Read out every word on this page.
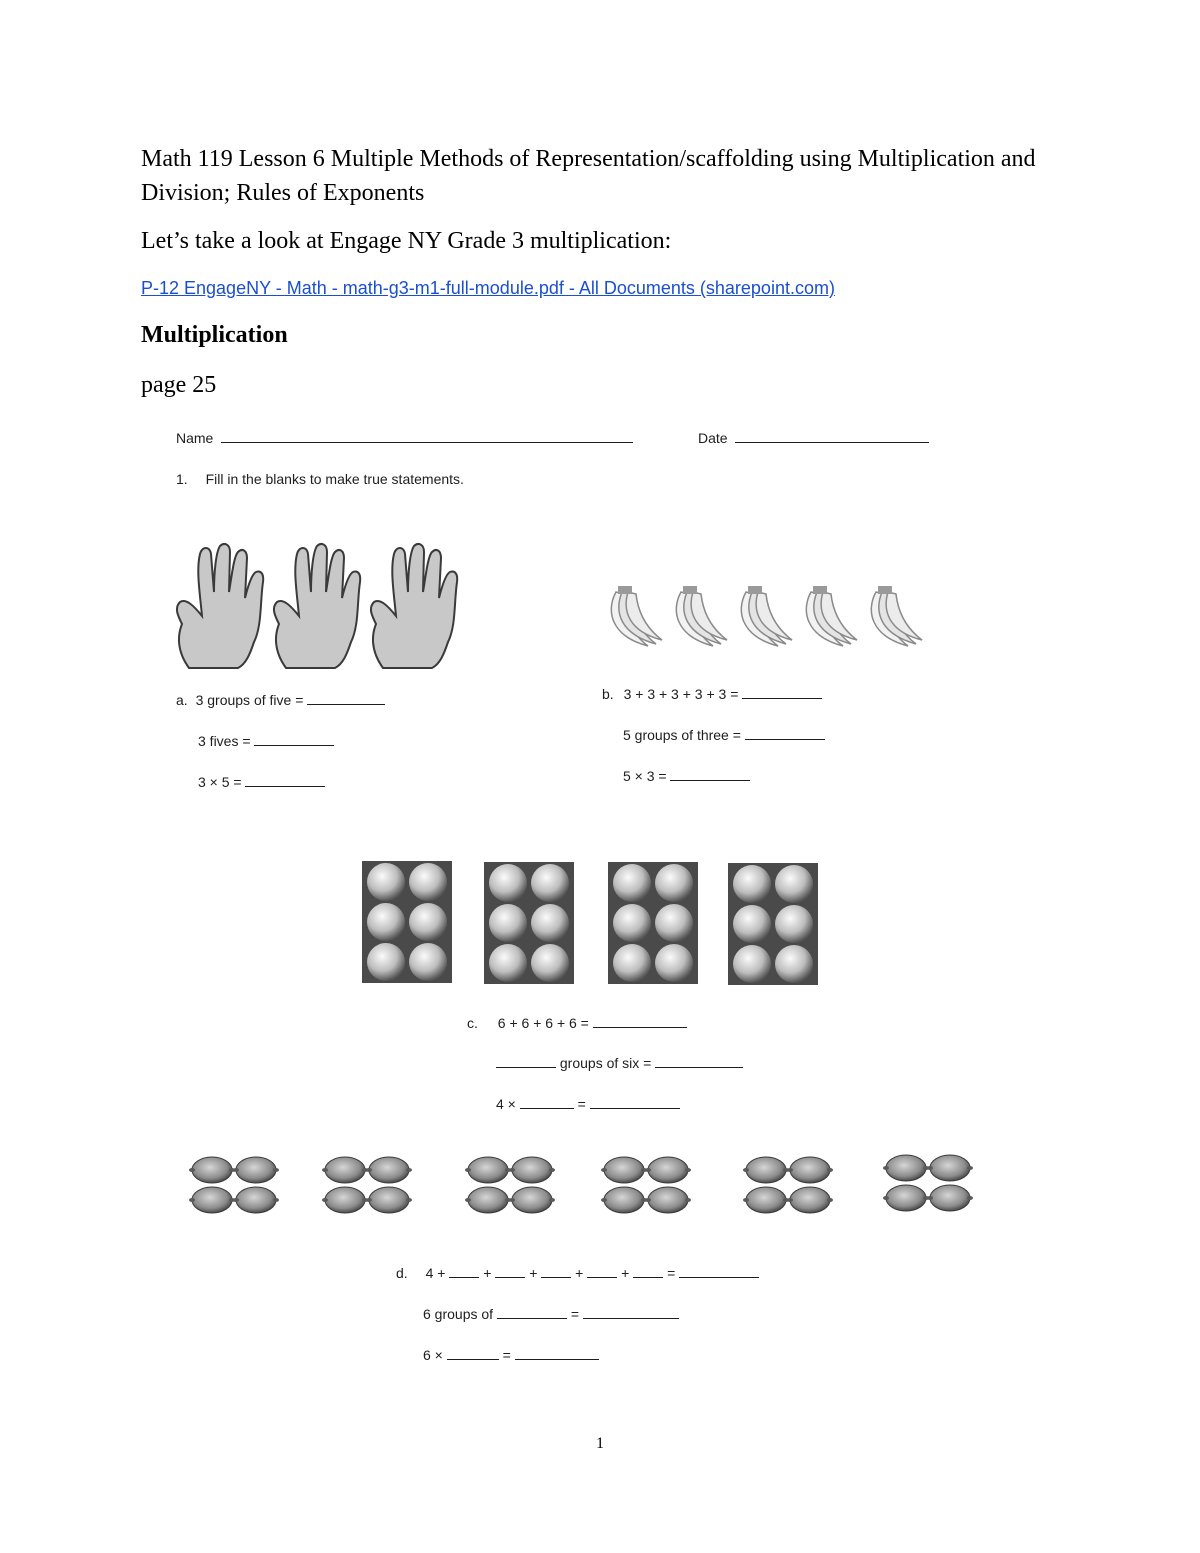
Math 119 Lesson 6 Multiple Methods of Representation/scaffolding using Multiplication and Division; Rules of Exponents
Let’s take a look at Engage NY Grade 3 multiplication:
P-12 EngageNY - Math - math-g3-m1-full-module.pdf - All Documents (sharepoint.com)
Multiplication
page 25
Name	Date
1. Fill in the blanks to make true statements.
a. 3 groups of five =
3 fives =
3 × 5 =
b. 3 + 3 + 3 + 3 + 3 =
5 groups of three =
5 × 3 =
c. 6 + 6 + 6 + 6 =
groups of six =
4 ×	=
d. 4 +	+	+	+	+	=
6 groups of	=
6 ×	=
1
